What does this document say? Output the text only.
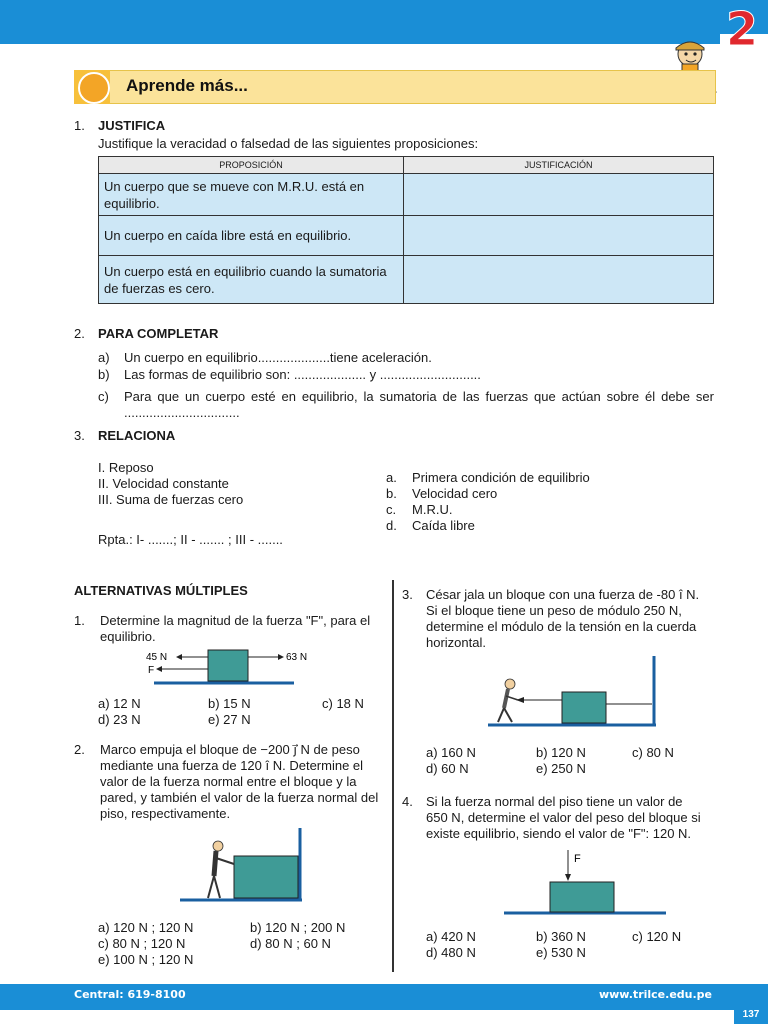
2
Aprende más...
1. JUSTIFICA
Justifique la veracidad o falsedad de las siguientes proposiciones:
PROPOSICIÓN	JUSTIFICACIÓN
Un cuerpo que se mueve con M.R.U. está en equilibrio.	
Un cuerpo en caída libre está en equilibrio.	
Un cuerpo está en equilibrio cuando la sumatoria de fuerzas es cero.	
2. PARA COMPLETAR
a) Un cuerpo en equilibrio....................tiene aceleración.
b) Las formas de equilibrio son: .................... y ............................
c) Para que un cuerpo esté en equilibrio, la sumatoria de las fuerzas que actúan sobre él debe ser ................................
3. RELACIONA
I. Reposo
II. Velocidad constante
III. Suma de fuerzas cero
a. Primera condición de equilibrio
b. Velocidad cero
c. M.R.U.
d. Caída libre
Rpta.: I- .......; II - ....... ; III - .......
ALTERNATIVAS MÚLTIPLES
1. Determine la magnitud de la fuerza "F", para el equilibrio.
45 N
F
63 N
a) 12 N	b) 15 N	c) 18 N
d) 23 N	e) 27 N
2. Marco empuja el bloque de −200 j⃗ N de peso
mediante una fuerza de 120 î N. Determine el
valor de la fuerza normal entre el bloque y la
pared, y también el valor de la fuerza normal del
piso, respectivamente.
a) 120 N ; 120 N	b) 120 N ; 200 N
c) 80 N ; 120 N	d) 80 N ; 60 N
e) 100 N ; 120 N
3. César jala un bloque con una fuerza de -80 î N.
Si el bloque tiene un peso de módulo 250 N,
determine el módulo de la tensión en la cuerda
horizontal.
a) 160 N	b) 120 N	c) 80 N
d) 60 N	e) 250 N
4. Si la fuerza normal del piso tiene un valor de
650 N, determine el valor del peso del bloque si
existe equilibrio, siendo el valor de "F": 120 N.
F
a) 420 N	b) 360 N	c) 120 N
d) 480 N	e) 530 N
Central: 619-8100	www.trilce.edu.pe
137
